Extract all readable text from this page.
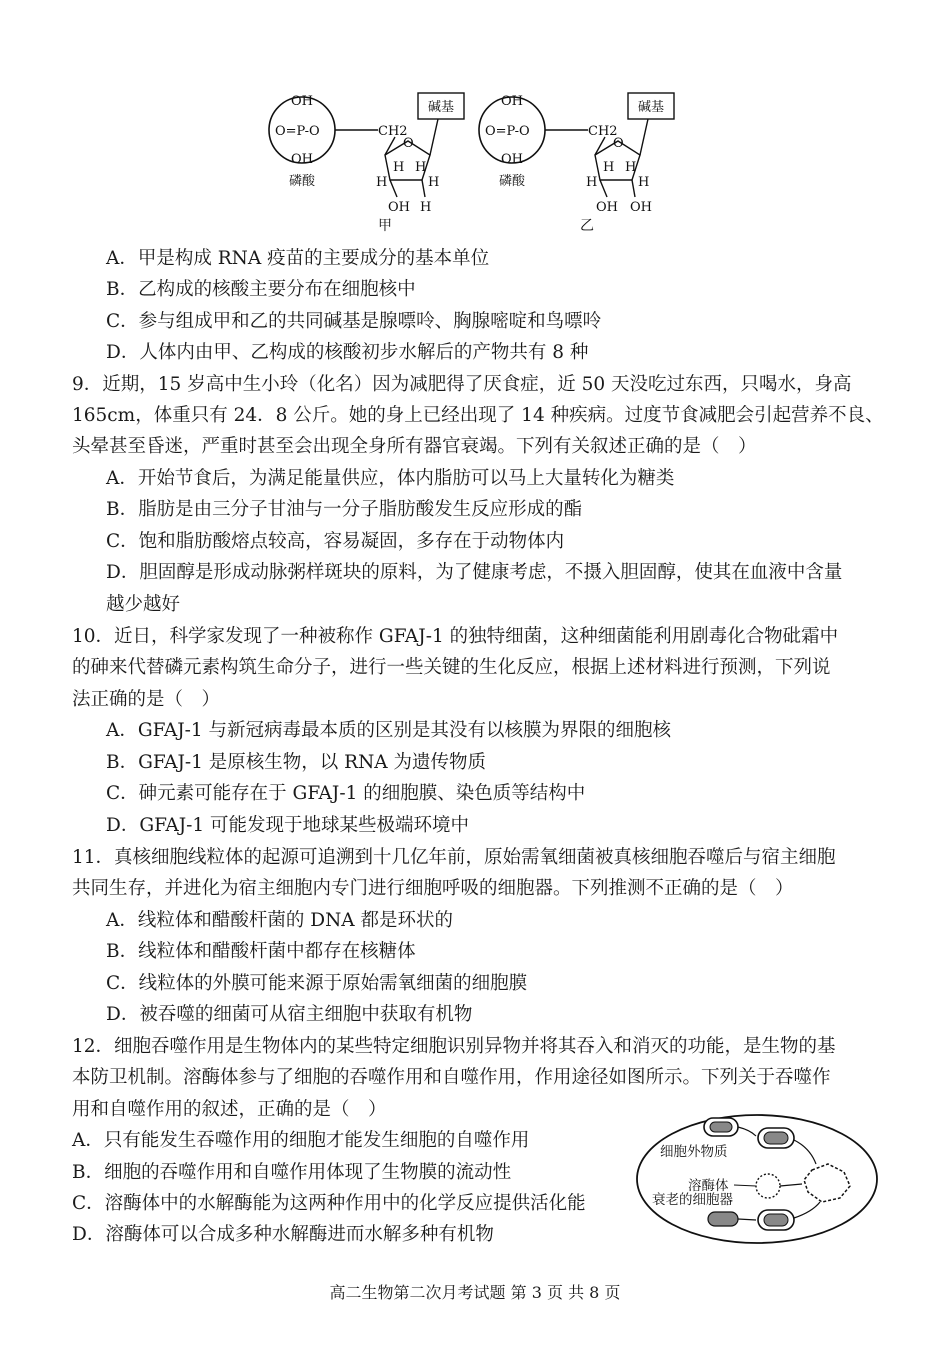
OH
O=P-O
OH
磷酸
CH2
O
碱基
H H
H	H
OH H
甲
OH
O=P-O
OH
磷酸
CH2
O
碱基
H H
H	H
OH OH
乙
A．甲是构成 RNA 疫苗的主要成分的基本单位
B．乙构成的核酸主要分布在细胞核中
C．参与组成甲和乙的共同碱基是腺嘌呤、胸腺嘧啶和鸟嘌呤
D．人体内由甲、乙构成的核酸初步水解后的产物共有 8 种
9．近期，15 岁高中生小玲（化名）因为减肥得了厌食症，近 50 天没吃过东西，只喝水，身高
165cm，体重只有 24．8 公斤。她的身上已经出现了 14 种疾病。过度节食减肥会引起营养不良、
头晕甚至昏迷，严重时甚至会出现全身所有器官衰竭。下列有关叙述正确的是（　）
A．开始节食后，为满足能量供应，体内脂肪可以马上大量转化为糖类
B．脂肪是由三分子甘油与一分子脂肪酸发生反应形成的酯
C．饱和脂肪酸熔点较高，容易凝固，多存在于动物体内
D．胆固醇是形成动脉粥样斑块的原料，为了健康考虑，不摄入胆固醇，使其在血液中含量
越少越好
10．近日，科学家发现了一种被称作 GFAJ-1 的独特细菌，这种细菌能利用剧毒化合物砒霜中
的砷来代替磷元素构筑生命分子，进行一些关键的生化反应，根据上述材料进行预测，下列说
法正确的是（　）
A．GFAJ-1 与新冠病毒最本质的区别是其没有以核膜为界限的细胞核
B．GFAJ-1 是原核生物，以 RNA 为遗传物质
C．砷元素可能存在于 GFAJ-1 的细胞膜、染色质等结构中
D．GFAJ-1 可能发现于地球某些极端环境中
11．真核细胞线粒体的起源可追溯到十几亿年前，原始需氧细菌被真核细胞吞噬后与宿主细胞
共同生存，并进化为宿主细胞内专门进行细胞呼吸的细胞器。下列推测不正确的是（　）
A．线粒体和醋酸杆菌的 DNA 都是环状的
B．线粒体和醋酸杆菌中都存在核糖体
C．线粒体的外膜可能来源于原始需氧细菌的细胞膜
D．被吞噬的细菌可从宿主细胞中获取有机物
12．细胞吞噬作用是生物体内的某些特定细胞识别异物并将其吞入和消灭的功能，是生物的基
本防卫机制。溶酶体参与了细胞的吞噬作用和自噬作用，作用途径如图所示。下列关于吞噬作
用和自噬作用的叙述，正确的是（　）
A．只有能发生吞噬作用的细胞才能发生细胞的自噬作用
B．细胞的吞噬作用和自噬作用体现了生物膜的流动性
C．溶酶体中的水解酶能为这两种作用中的化学反应提供活化能
D．溶酶体可以合成多种水解酶进而水解多种有机物
细胞外物质
溶酶体
衰老的细胞器
高二生物第二次月考试题 第 3 页 共 8 页
